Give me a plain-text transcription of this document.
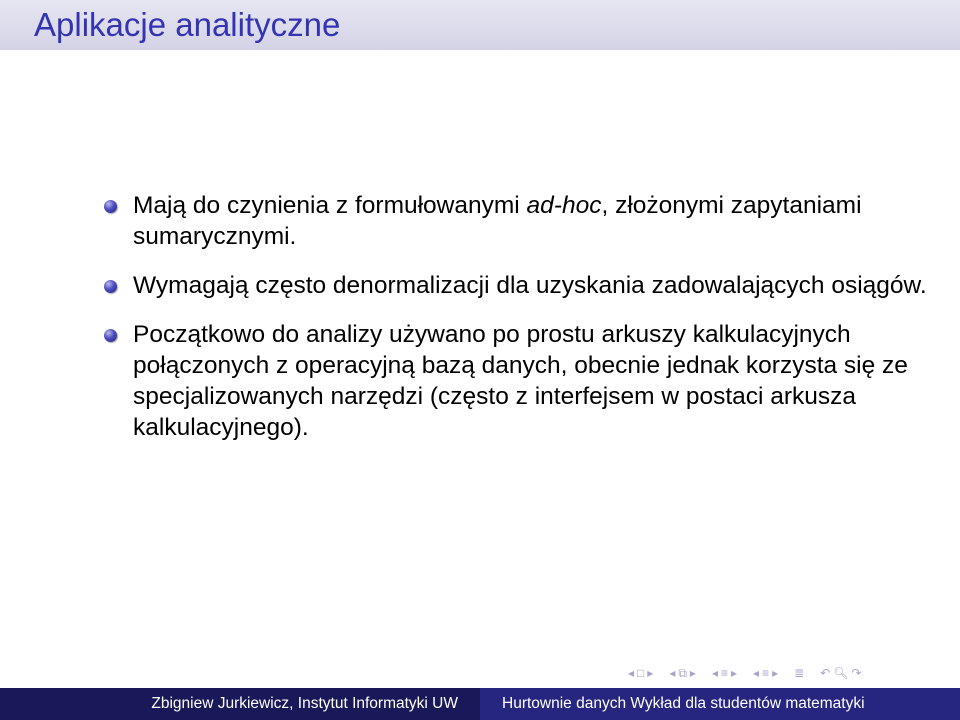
Aplikacje analityczne
Mają do czynienia z formułowanymi ad-hoc, złożonymi zapytaniami sumarycznymi.
Wymagają często denormalizacji dla uzyskania zadowalających osiągów.
Początkowo do analizy używano po prostu arkuszy kalkulacyjnych połączonych z operacyjną bazą danych, obecnie jednak korzysta się ze specjalizowanych narzędzi (często z interfejsem w postaci arkusza kalkulacyjnego).
◂ □ ▸ ◂ ⧉ ▸ ◂ ≡ ▸ ◂ ≡ ▸ ≣ ↶ 🔍︎ ↷
Zbigniew Jurkiewicz, Instytut Informatyki UW	Hurtownie danych Wykład dla studentów matematyki
